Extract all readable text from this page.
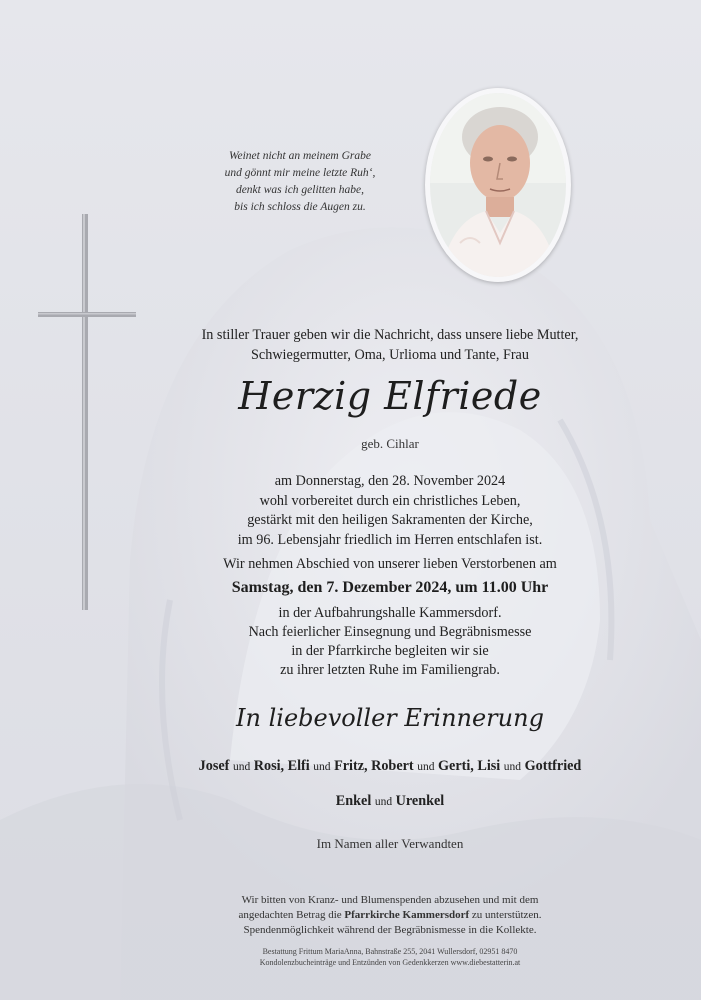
Weinet nicht an meinem Grabe
und gönnt mir meine letzte Ruh‘,
denkt was ich gelitten habe,
bis ich schloss die Augen zu.
In stiller Trauer geben wir die Nachricht, dass unsere liebe Mutter,
Schwiegermutter, Oma, Urlioma und Tante, Frau
Herzig Elfriede
geb. Cihlar
am Donnerstag, den 28. November 2024
wohl vorbereitet durch ein christliches Leben,
gestärkt mit den heiligen Sakramenten der Kirche,
im 96. Lebensjahr friedlich im Herren entschlafen ist.
Wir nehmen Abschied von unserer lieben Verstorbenen am
Samstag, den 7. Dezember 2024, um 11.00 Uhr
in der Aufbahrungshalle Kammersdorf.
Nach feierlicher Einsegnung und Begräbnismesse
in der Pfarrkirche begleiten wir sie
zu ihrer letzten Ruhe im Familiengrab.
In liebevoller Erinnerung
Josef und Rosi, Elfi und Fritz, Robert und Gerti, Lisi und Gottfried
Enkel und Urenkel
Im Namen aller Verwandten
Wir bitten von Kranz- und Blumenspenden abzusehen und mit dem
angedachten Betrag die Pfarrkirche Kammersdorf zu unterstützen.
Spendenmöglichkeit während der Begräbnismesse in die Kollekte.
Bestattung Frittum MariaAnna, Bahnstraße 255, 2041 Wullersdorf, 02951 8470
Kondolenzbucheinträge und Entzünden von Gedenkkerzen www.diebestatterin.at
